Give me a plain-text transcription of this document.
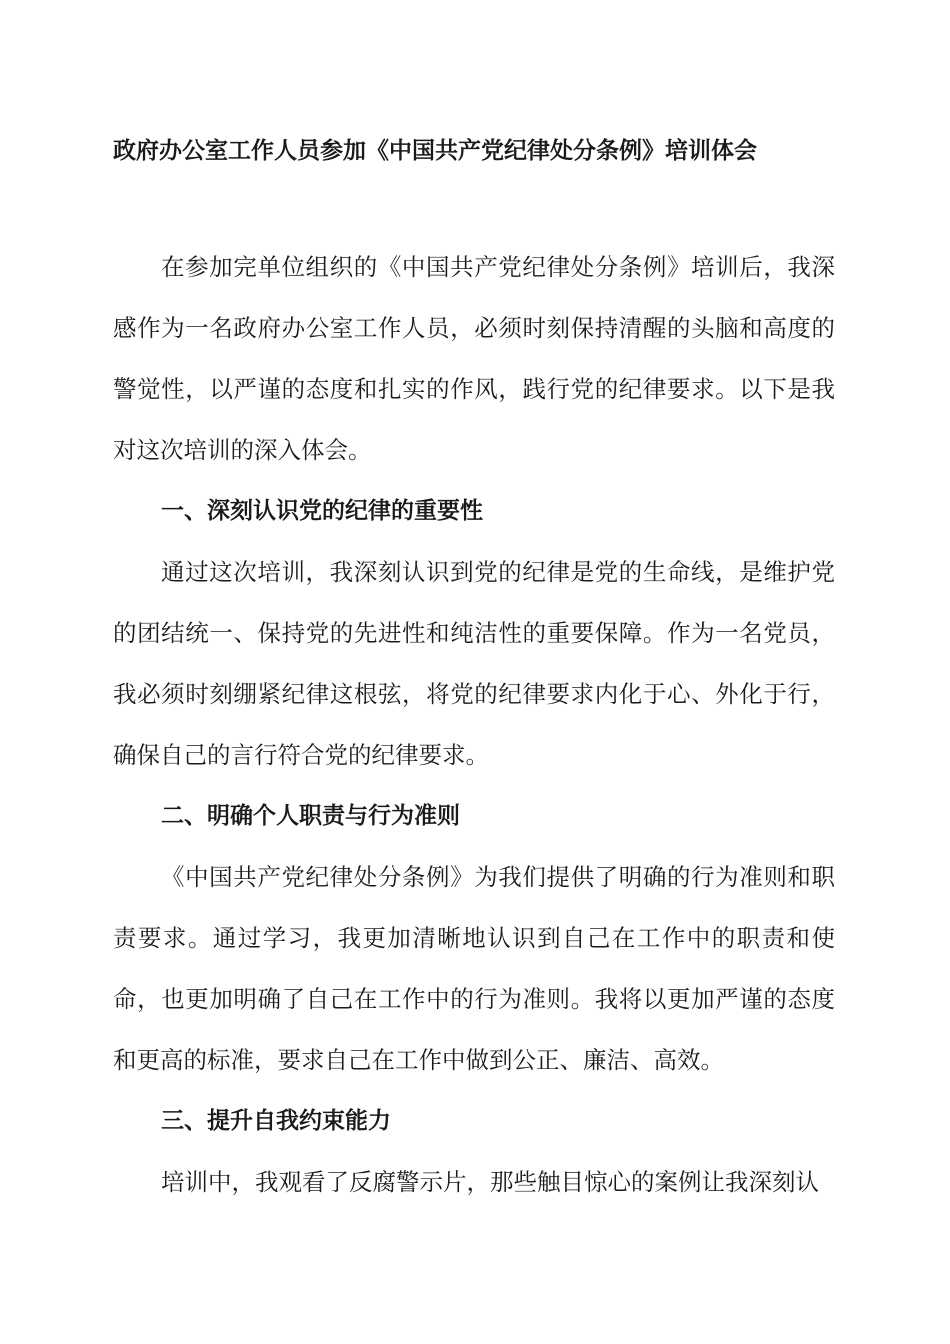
政府办公室工作人员参加《中国共产党纪律处分条例》培训体会

在参加完单位组织的《中国共产党纪律处分条例》培训后，我深感作为一名政府办公室工作人员，必须时刻保持清醒的头脑和高度的警觉性，以严谨的态度和扎实的作风，践行党的纪律要求。以下是我对这次培训的深入体会。

一、深刻认识党的纪律的重要性

通过这次培训，我深刻认识到党的纪律是党的生命线，是维护党的团结统一、保持党的先进性和纯洁性的重要保障。作为一名党员，我必须时刻绷紧纪律这根弦，将党的纪律要求内化于心、外化于行，确保自己的言行符合党的纪律要求。

二、明确个人职责与行为准则

《中国共产党纪律处分条例》为我们提供了明确的行为准则和职责要求。通过学习，我更加清晰地认识到自己在工作中的职责和使命，也更加明确了自己在工作中的行为准则。我将以更加严谨的态度和更高的标准，要求自己在工作中做到公正、廉洁、高效。

三、提升自我约束能力

培训中，我观看了反腐警示片，那些触目惊心的案例让我深刻认
